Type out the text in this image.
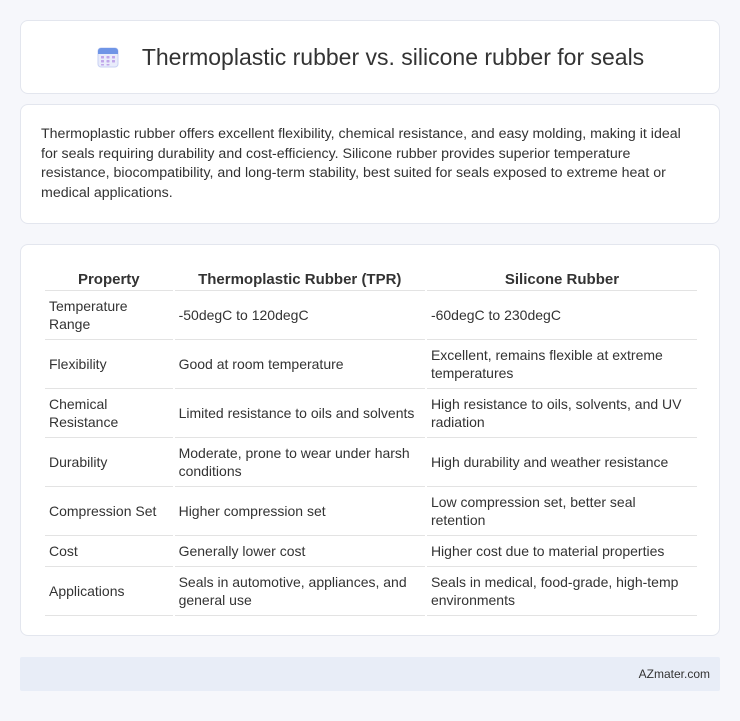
Thermoplastic rubber vs. silicone rubber for seals

Thermoplastic rubber offers excellent flexibility, chemical resistance, and easy molding, making it ideal for seals requiring durability and cost-efficiency. Silicone rubber provides superior temperature resistance, biocompatibility, and long-term stability, best suited for seals exposed to extreme heat or medical applications.

Property	Thermoplastic Rubber (TPR)	Silicone Rubber
Temperature Range	-50degC to 120degC	-60degC to 230degC
Flexibility	Good at room temperature	Excellent, remains flexible at extreme temperatures
Chemical Resistance	Limited resistance to oils and solvents	High resistance to oils, solvents, and UV radiation
Durability	Moderate, prone to wear under harsh conditions	High durability and weather resistance
Compression Set	Higher compression set	Low compression set, better seal retention
Cost	Generally lower cost	Higher cost due to material properties
Applications	Seals in automotive, appliances, and general use	Seals in medical, food-grade, high-temp environments
AZmater.com
